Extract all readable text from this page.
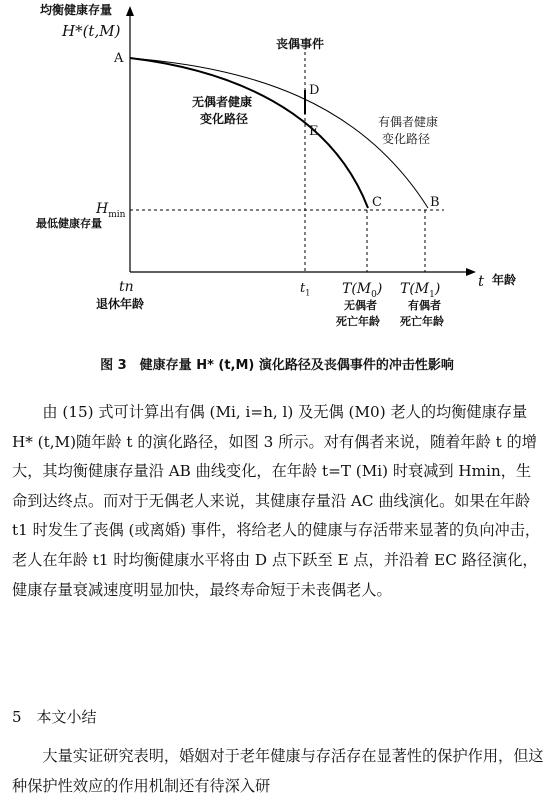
均衡健康存量
H*(t,M)
t 年龄
丧偶事件
A
D
E
C	B
无偶者健康
变化路径	有偶者健康
变化路径
$H_{min}$
最低健康存量
tn
退休年龄
$t_1$ $T(M_0)$
无偶者
死亡年龄
$T(M_1)$
有偶者
死亡年龄
图 3　健康存量 H* (t,M) 演化路径及丧偶事件的冲击性影响

由 (15) 式可计算出有偶 (Mi, i=h, l) 及无偶 (M0) 老人的均衡健康存量 H* (t,M)随年龄 t 的演化路径，如图 3 所示。对有偶者来说，随着年龄 t 的增大，其均衡健康存量沿 AB 曲线变化，在年龄 t=T (Mi) 时衰减到 Hmin，生命到达终点。而对于无偶老人来说，其健康存量沿 AC 曲线演化。如果在年龄 t1 时发生了丧偶 (或离婚) 事件，将给老人的健康与存活带来显著的负向冲击，老人在年龄 t1 时均衡健康水平将由 D 点下跃至 E 点，并沿着 EC 路径演化，健康存量衰减速度明显加快，最终寿命短于未丧偶老人。

5　本文小结

大量实证研究表明，婚姻对于老年健康与存活存在显著性的保护作用，但这种保护性效应的作用机制还有待深入研
